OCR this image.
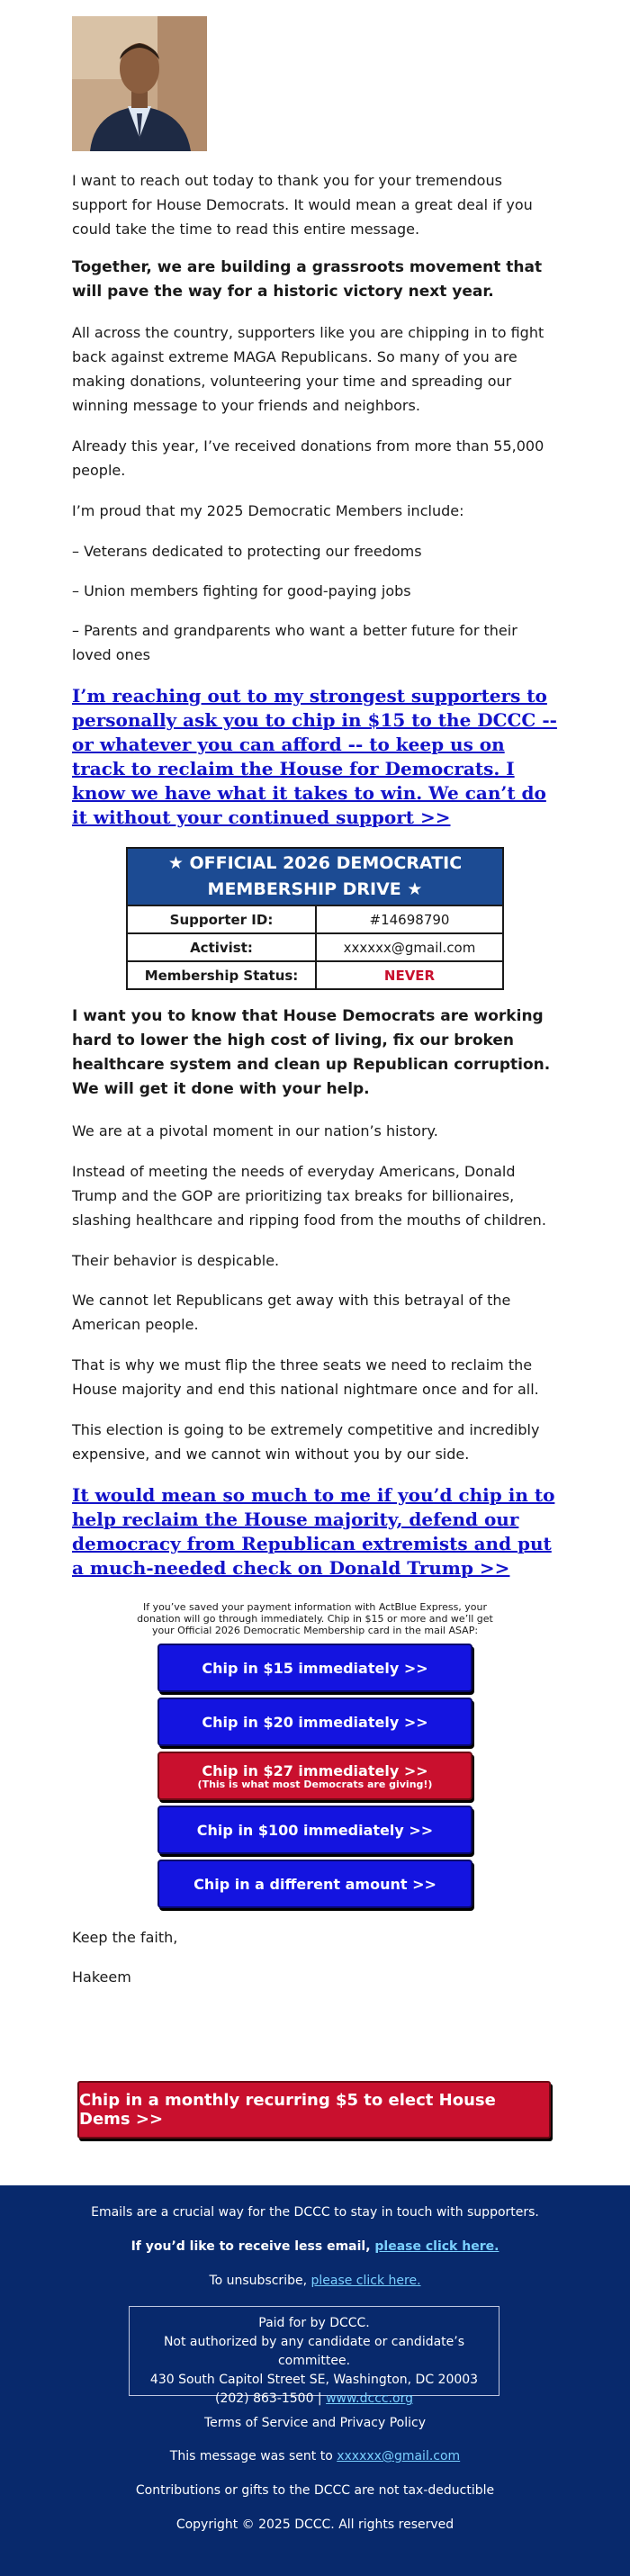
I want to reach out today to thank you for your tremendous support for House Democrats. It would mean a great deal if you could take the time to read this entire message.

Together, we are building a grassroots movement that will pave the way for a historic victory next year.

All across the country, supporters like you are chipping in to fight back against extreme MAGA Republicans. So many of you are making donations, volunteering your time and spreading our winning message to your friends and neighbors.

Already this year, I’ve received donations from more than 55,000 people.

I’m proud that my 2025 Democratic Members include:

– Veterans dedicated to protecting our freedoms

– Union members fighting for good-paying jobs

– Parents and grandparents who want a better future for their loved ones

I’m reaching out to my strongest supporters to personally ask you to chip in $15 to the DCCC -- or whatever you can afford -- to keep us on track to reclaim the House for Democrats. I know we have what it takes to win. We can’t do it without your continued support >>
★ OFFICIAL 2026 DEMOCRATIC MEMBERSHIP DRIVE ★	
Supporter ID:	#14698790
Activist:	xxxxxx@gmail.com
Membership Status:	NEVER

I want you to know that House Democrats are working hard to lower the high cost of living, fix our broken healthcare system and clean up Republican corruption. We will get it done with your help.

We are at a pivotal moment in our nation’s history.

Instead of meeting the needs of everyday Americans, Donald Trump and the GOP are prioritizing tax breaks for billionaires, slashing healthcare and ripping food from the mouths of children.

Their behavior is despicable.

We cannot let Republicans get away with this betrayal of the American people.

That is why we must flip the three seats we need to reclaim the House majority and end this national nightmare once and for all.

This election is going to be extremely competitive and incredibly expensive, and we cannot win without you by our side.

It would mean so much to me if you’d chip in to help reclaim the House majority, defend our democracy from Republican extremists and put a much-needed check on Donald Trump >>

If you’ve saved your payment information with ActBlue Express, your donation will go through immediately. Chip in $15 or more and we’ll get your Official 2026 Democratic Membership card in the mail ASAP:

Chip in $15 immediately >>
Chip in $20 immediately >>
Chip in $27 immediately >>
(This is what most Democrats are giving!)
Chip in $100 immediately >>
Chip in a different amount >>

Keep the faith,

Hakeem

Chip in a monthly recurring $5 to elect House Dems >>
Emails are a crucial way for the DCCC to stay in touch with supporters.
If you’d like to receive less email, please click here.
To unsubscribe, please click here.
Paid for by DCCC.
Not authorized by any candidate or candidate’s committee.
430 South Capitol Street SE, Washington, DC 20003
(202) 863-1500 | www.dccc.org
Terms of Service and Privacy Policy
This message was sent to xxxxxx@gmail.com
Contributions or gifts to the DCCC are not tax-deductible
Copyright © 2025 DCCC. All rights reserved
